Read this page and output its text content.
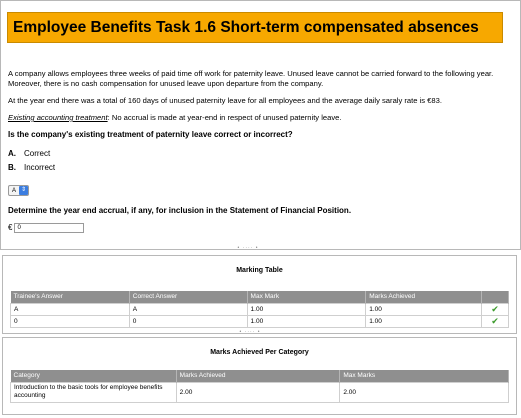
Employee Benefits Task 1.6 Short-term compensated absences

A company allows employees three weeks of paid time off work for paternity leave. Unused leave cannot be carried forward to the following year. Moreover, there is no cash compensation for unused leave upon departure from the company.

At the year end there was a total of 160 days of unused paternity leave for all employees and the average daily saraly rate is €83.

Existing accounting treatment: No accrual is made at year-end in respect of unused paternity leave.

Is the company's existing treatment of paternity leave correct or incorrect?
A.	Correct
B.	Incorrect
A ⇕
Determine the year end accrual, if any, for inclusion in the Statement of Financial Position.
€ 0
• ···· •
Marking Table
Trainee's Answer	Correct Answer	Max Mark	Marks Achieved	
A	A	1.00	1.00	✔
0	0	1.00	1.00	✔
• ···· •
Marks Achieved Per Category
Category	Marks Achieved	Max Marks
Introduction to the basic tools for employee benefits accounting	2.00	2.00
